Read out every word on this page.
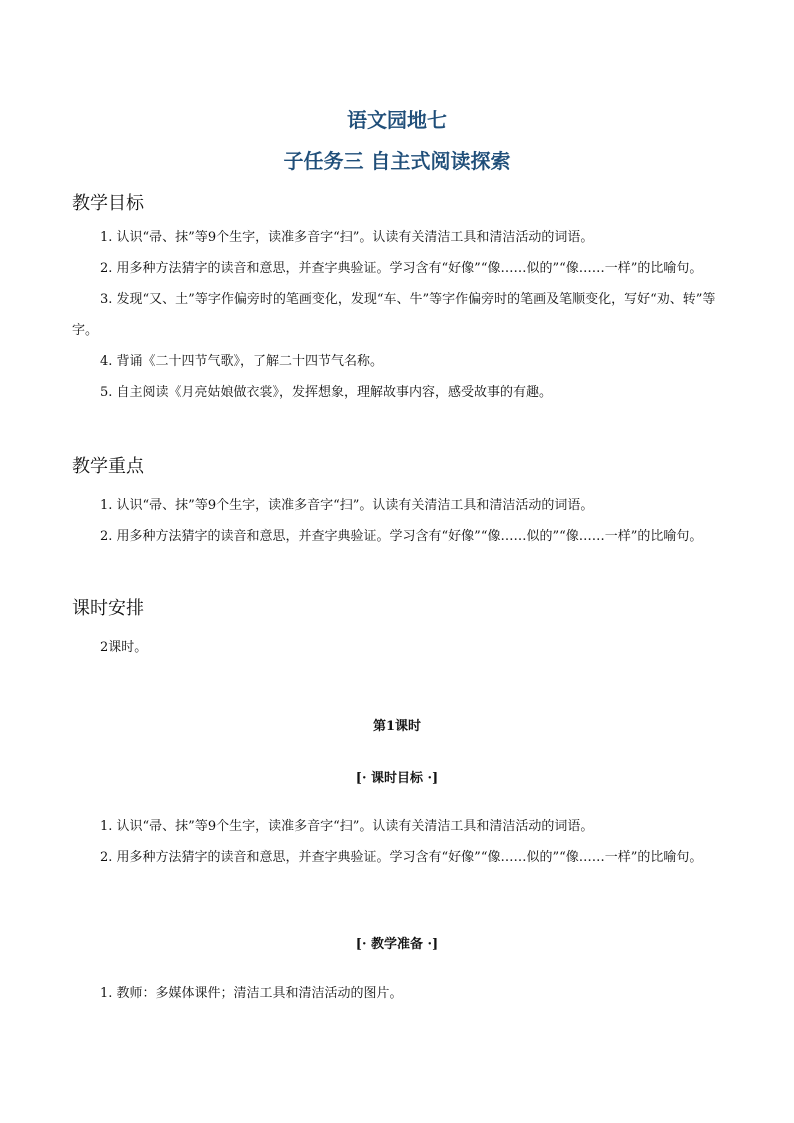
语文园地七
子任务三 自主式阅读探索
教学目标

1. 认识“帚、抹”等9个生字，读准多音字“扫”。认读有关清洁工具和清洁活动的词语。

2. 用多种方法猜字的读音和意思，并查字典验证。学习含有“好像”“像……似的”“像……一样”的比喻句。

3. 发现“又、土”等字作偏旁时的笔画变化，发现“车、牛”等字作偏旁时的笔画及笔顺变化，写好“劝、转”等字。

4. 背诵《二十四节气歌》，了解二十四节气名称。

5. 自主阅读《月亮姑娘做衣裳》，发挥想象，理解故事内容，感受故事的有趣。

教学重点

1. 认识“帚、抹”等9个生字，读准多音字“扫”。认读有关清洁工具和清洁活动的词语。

2. 用多种方法猜字的读音和意思，并查字典验证。学习含有“好像”“像……似的”“像……一样”的比喻句。

课时安排

2课时。

第1课时
[· 课时目标 ·]

1. 认识“帚、抹”等9个生字，读准多音字“扫”。认读有关清洁工具和清洁活动的词语。

2. 用多种方法猜字的读音和意思，并查字典验证。学习含有“好像”“像……似的”“像……一样”的比喻句。

[· 教学准备 ·]

1. 教师：多媒体课件；清洁工具和清洁活动的图片。
